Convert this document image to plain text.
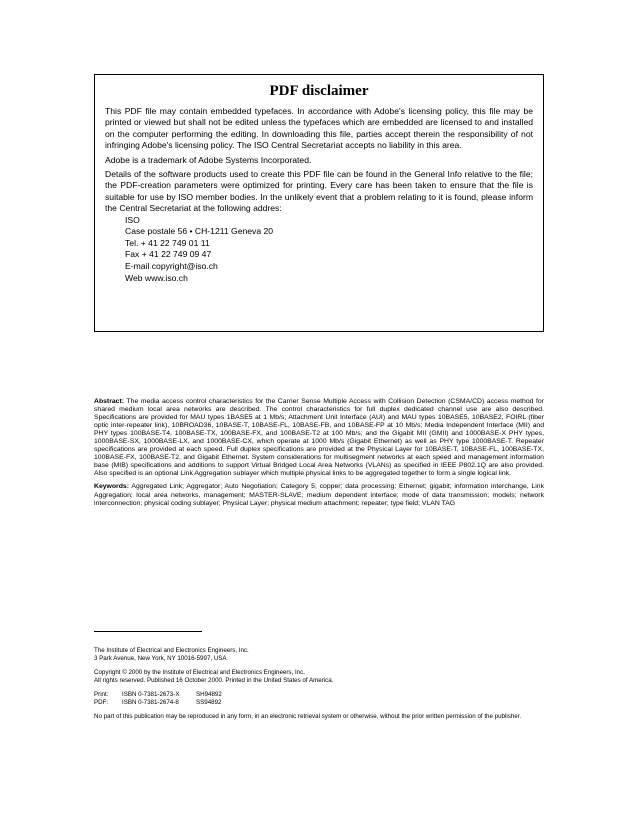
PDF disclaimer

This PDF file may contain embedded typefaces. In accordance with Adobe's licensing policy, this file may be printed or viewed but shall not be edited unless the typefaces which are embedded are licensed to and installed on the computer performing the editing. In downloading this file, parties accept therein the responsibility of not infringing Adobe's licensing policy. The ISO Central Secretariat accepts no liability in this area.

Adobe is a trademark of Adobe Systems Incorporated.

Details of the software products used to create this PDF file can be found in the General Info relative to the file; the PDF-creation parameters were optimized for printing. Every care has been taken to ensure that the file is suitable for use by ISO member bodies. In the unlikely event that a problem relating to it is found, please inform the Central Secretariat at the following addres:

ISO
Case postale 56 • CH-1211 Geneva 20
Tel. + 41 22 749 01 11
Fax + 41 22 749 09 47
E-mail copyright@iso.ch
Web www.iso.ch

Abstract: The media access control characteristics for the Carrier Sense Multiple Access with Collision Detection (CSMA/CD) access method for shared medium local area networks are described. The control characteristics for full duplex dedicated channel use are also described. Specifications are provided for MAU types 1BASE5 at 1 Mb/s; Attachment Unit Interface (AUI) and MAU types 10BASE5, 10BASE2, FOIRL (fiber optic inter-repeater link), 10BROAD36, 10BASE-T, 10BASE-FL, 10BASE-FB, and 10BASE-FP at 10 Mb/s; Media Independent Interface (MII) and PHY types 100BASE-T4, 100BASE-TX, 100BASE-FX, and 100BASE-T2 at 100 Mb/s; and the Gigabit MII (GMII) and 1000BASE-X PHY types, 1000BASE-SX, 1000BASE-LX, and 1000BASE-CX, which operate at 1000 Mb/s (Gigabit Ethernet) as well as PHY type 1000BASE-T. Repeater specifications are provided at each speed. Full duplex specifications are provided at the Physical Layer for 10BASE-T, 10BASE-FL, 100BASE-TX, 100BASE-FX, 100BASE-T2, and Gigabit Ethernet. System considerations for multisegment networks at each speed and management information base (MIB) specifications and additions to support Virtual Bridged Local Area Networks (VLANs) as specified in IEEE P802.1Q are also provided. Also specified is an optional Link Aggregation sublayer which multiple physical links to be aggregated together to form a single logical link.

Keywords: Aggregated Link; Aggregator; Auto Negotiation; Category 5; copper; data processing; Ethernet; gigabit; information interchange, Link Aggregation; local area networks, management; MASTER-SLAVE; medium dependent interface; mode of data transmission; models; network interconnection; physical coding sublayer; Physical Layer; physical medium attachment; repeater; type field; VLAN TAG

The Institute of Electrical and Electronics Engineers, Inc.
3 Park Avenue, New York, NY 10016-5997, USA

Copyright © 2000 by the Institute of Electrical and Electronics Engineers, Inc.
All rights reserved. Published 16 October 2000. Printed in the United States of America.

Print:	ISBN 0-7381-2673-X	SH94892
PDF:	ISBN 0-7381-2674-8	SS94892

No part of this publication may be reproduced in any form, in an electronic retrieval system or otherwise, without the prior written permission of the publisher.
